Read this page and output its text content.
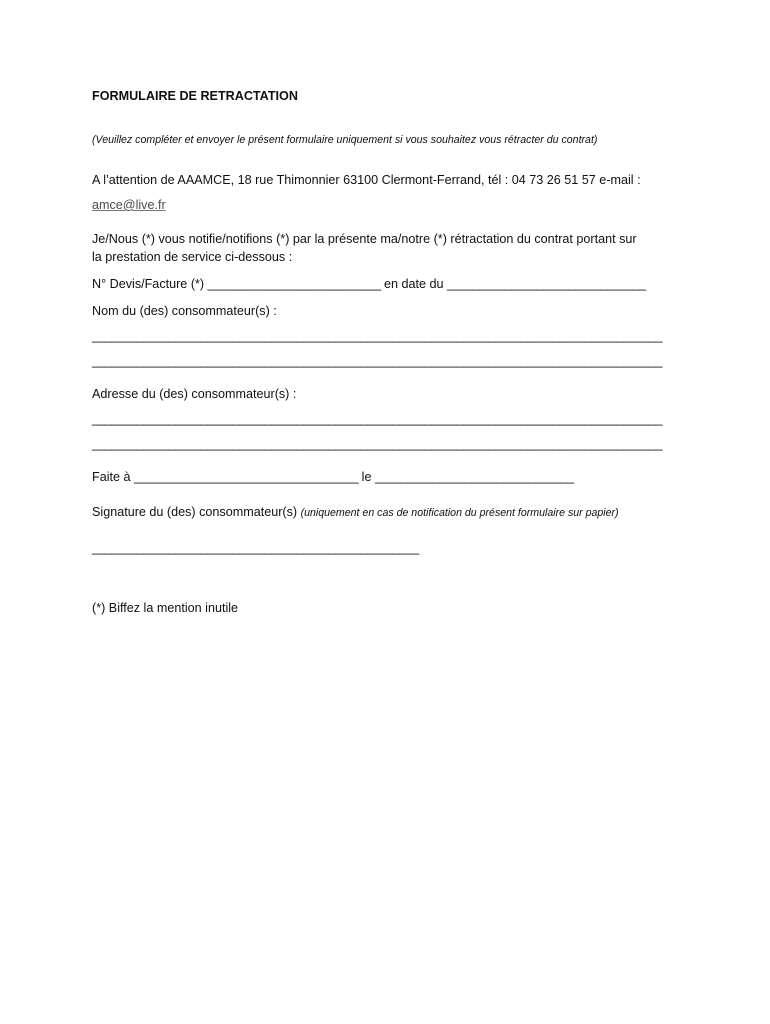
FORMULAIRE DE RETRACTATION
(Veuillez compléter et envoyer le présent formulaire uniquement si vous souhaitez vous rétracter du contrat)
A l’attention de AAAMCE, 18 rue Thimonnier 63100 Clermont-Ferrand, tél : 04 73 26 51 57 e-mail :
amce@live.fr
Je/Nous (*) vous notifie/notifions (*) par la présente ma/notre (*) rétractation du contrat portant sur
la prestation de service ci-dessous :
N° Devis/Facture (*) ___________________________ en date du _______________________________
Nom du (des) consommateur(s) :
_________________________________________________________________________________________
_________________________________________________________________________________________
Adresse du (des) consommateur(s) :
_________________________________________________________________________________________
_________________________________________________________________________________________
Faite à ___________________________________ le _______________________________
Signature du (des) consommateur(s) (uniquement en cas de notification du présent formulaire sur papier)
___________________________________________________
(*) Biffez la mention inutile
